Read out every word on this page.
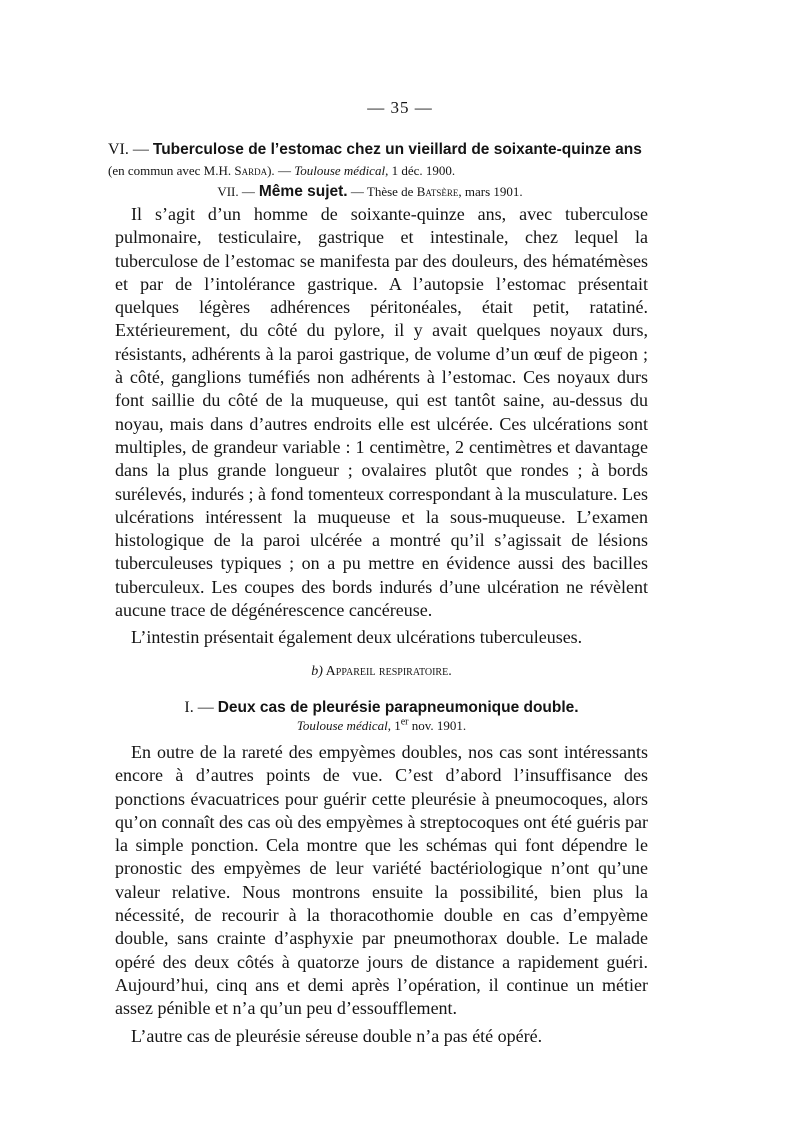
— 35 —
VI. — Tuberculose de l’estomac chez un vieillard de soixante-quinze ans (en commun avec M.H. Sarda). — Toulouse médical, 1 déc. 1900.
VII. — Même sujet. — Thèse de Batsère, mars 1901.

Il s’agit d’un homme de soixante-quinze ans, avec tuberculose pulmonaire, testiculaire, gastrique et intestinale, chez lequel la tuberculose de l’estomac se manifesta par des douleurs, des hématémèses et par de l’intolérance gastrique. A l’autopsie l’estomac présentait quelques légères adhérences péritonéales, était petit, ratatiné. Extérieurement, du côté du pylore, il y avait quelques noyaux durs, résistants, adhérents à la paroi gastrique, de volume d’un œuf de pigeon ; à côté, ganglions tuméfiés non adhérents à l’estomac. Ces noyaux durs font saillie du côté de la muqueuse, qui est tantôt saine, au-dessus du noyau, mais dans d’autres endroits elle est ulcérée. Ces ulcérations sont multiples, de grandeur variable : 1 centimètre, 2 centimètres et davantage dans la plus grande longueur ; ovalaires plutôt que rondes ; à bords surélevés, indurés ; à fond tomenteux correspondant à la musculature. Les ulcérations intéressent la muqueuse et la sous-muqueuse. L’examen histologique de la paroi ulcérée a montré qu’il s’agissait de lésions tuberculeuses typiques ; on a pu mettre en évidence aussi des bacilles tuberculeux. Les coupes des bords indurés d’une ulcération ne révèlent aucune trace de dégénérescence cancéreuse.

L’intestin présentait également deux ulcérations tuberculeuses.

b) Appareil respiratoire.
I. — Deux cas de pleurésie parapneumonique double.
Toulouse médical, 1er nov. 1901.

En outre de la rareté des empyèmes doubles, nos cas sont intéressants encore à d’autres points de vue. C’est d’abord l’insuffisance des ponctions évacuatrices pour guérir cette pleurésie à pneumocoques, alors qu’on connaît des cas où des empyèmes à streptocoques ont été guéris par la simple ponction. Cela montre que les schémas qui font dépendre le pronostic des empyèmes de leur variété bactériologique n’ont qu’une valeur relative. Nous montrons ensuite la possibilité, bien plus la nécessité, de recourir à la thoracothomie double en cas d’empyème double, sans crainte d’asphyxie par pneumothorax double. Le malade opéré des deux côtés à quatorze jours de distance a rapidement guéri. Aujourd’hui, cinq ans et demi après l’opération, il continue un métier assez pénible et n’a qu’un peu d’essoufflement.

L’autre cas de pleurésie séreuse double n’a pas été opéré.
